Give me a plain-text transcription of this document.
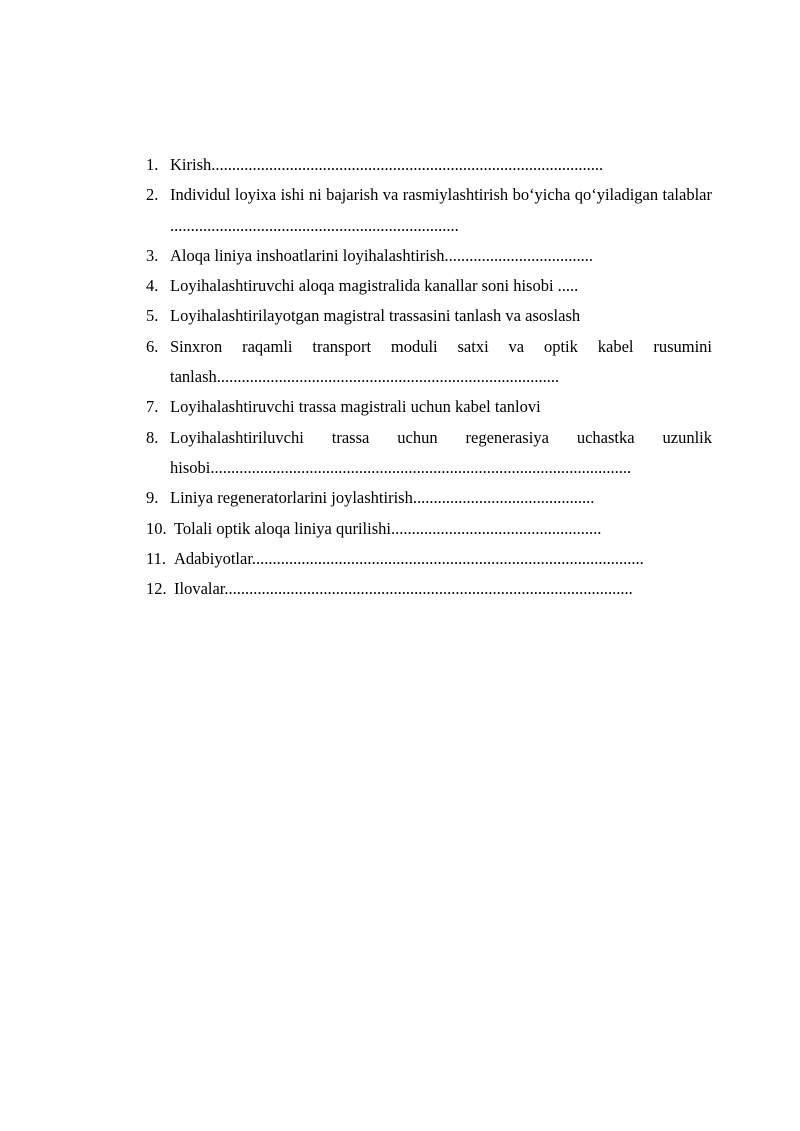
1. Kirish...............................................................................................
2. Individul loyixa ishi ni bajarish va rasmiylashtirish bo‘yicha qo‘yiladigan talablar ......................................................................
3. Aloqa liniya inshoatlarini loyihalashtirish....................................
4. Loyihalashtiruvchi aloqa magistralida kanallar soni hisobi .....
5. Loyihalashtirilayotgan magistral trassasini tanlash va asoslash
6. Sinxron raqamli transport moduli satxi va optik kabel rusumini tanlash...................................................................................
7. Loyihalashtiruvchi trassa magistrali uchun kabel tanlovi
8. Loyihalashtiriluvchi trassa uchun regenerasiya uchastka uzunlik hisobi......................................................................................................
9. Liniya regeneratorlarini joylashtirish............................................
10. Tolali optik aloqa liniya qurilishi...................................................
11. Adabiyotlar...............................................................................................
12. Ilovalar...................................................................................................
